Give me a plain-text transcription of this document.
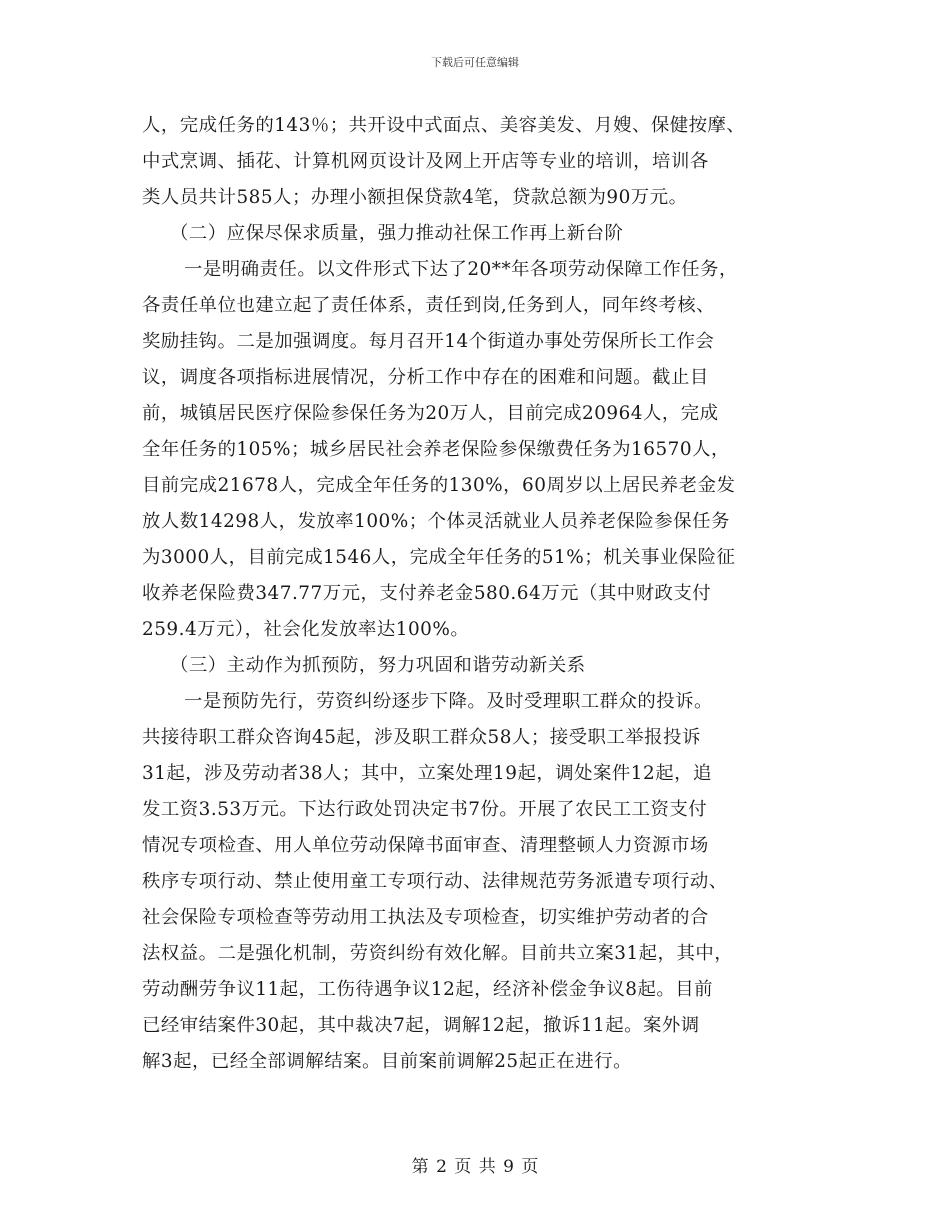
下载后可任意编辑
人，完成任务的143％；共开设中式面点、美容美发、月嫂、保健按摩、
中式烹调、插花、计算机网页设计及网上开店等专业的培训，培训各
类人员共计585人；办理小额担保贷款4笔，贷款总额为90万元。
（二）应保尽保求质量，强力推动社保工作再上新台阶
一是明确责任。以文件形式下达了20**年各项劳动保障工作任务，
各责任单位也建立起了责任体系，责任到岗,任务到人，同年终考核、
奖励挂钩。二是加强调度。每月召开14个街道办事处劳保所长工作会
议，调度各项指标进展情况，分析工作中存在的困难和问题。截止目
前，城镇居民医疗保险参保任务为20万人，目前完成20964人，完成
全年任务的105%；城乡居民社会养老保险参保缴费任务为16570人，
目前完成21678人，完成全年任务的130%，60周岁以上居民养老金发
放人数14298人，发放率100%；个体灵活就业人员养老保险参保任务
为3000人，目前完成1546人，完成全年任务的51%；机关事业保险征
收养老保险费347.77万元，支付养老金580.64万元（其中财政支付
259.4万元），社会化发放率达100%。
（三）主动作为抓预防，努力巩固和谐劳动新关系
一是预防先行，劳资纠纷逐步下降。及时受理职工群众的投诉。
共接待职工群众咨询45起，涉及职工群众58人；接受职工举报投诉
31起，涉及劳动者38人；其中，立案处理19起，调处案件12起，追
发工资3.53万元。下达行政处罚决定书7份。开展了农民工工资支付
情况专项检查、用人单位劳动保障书面审查、清理整顿人力资源市场
秩序专项行动、禁止使用童工专项行动、法律规范劳务派遣专项行动、
社会保险专项检查等劳动用工执法及专项检查，切实维护劳动者的合
法权益。二是强化机制，劳资纠纷有效化解。目前共立案31起，其中，
劳动酬劳争议11起，工伤待遇争议12起，经济补偿金争议8起。目前
已经审结案件30起，其中裁决7起，调解12起，撤诉11起。案外调
解3起，已经全部调解结案。目前案前调解25起正在进行。
第 2 页 共 9 页
